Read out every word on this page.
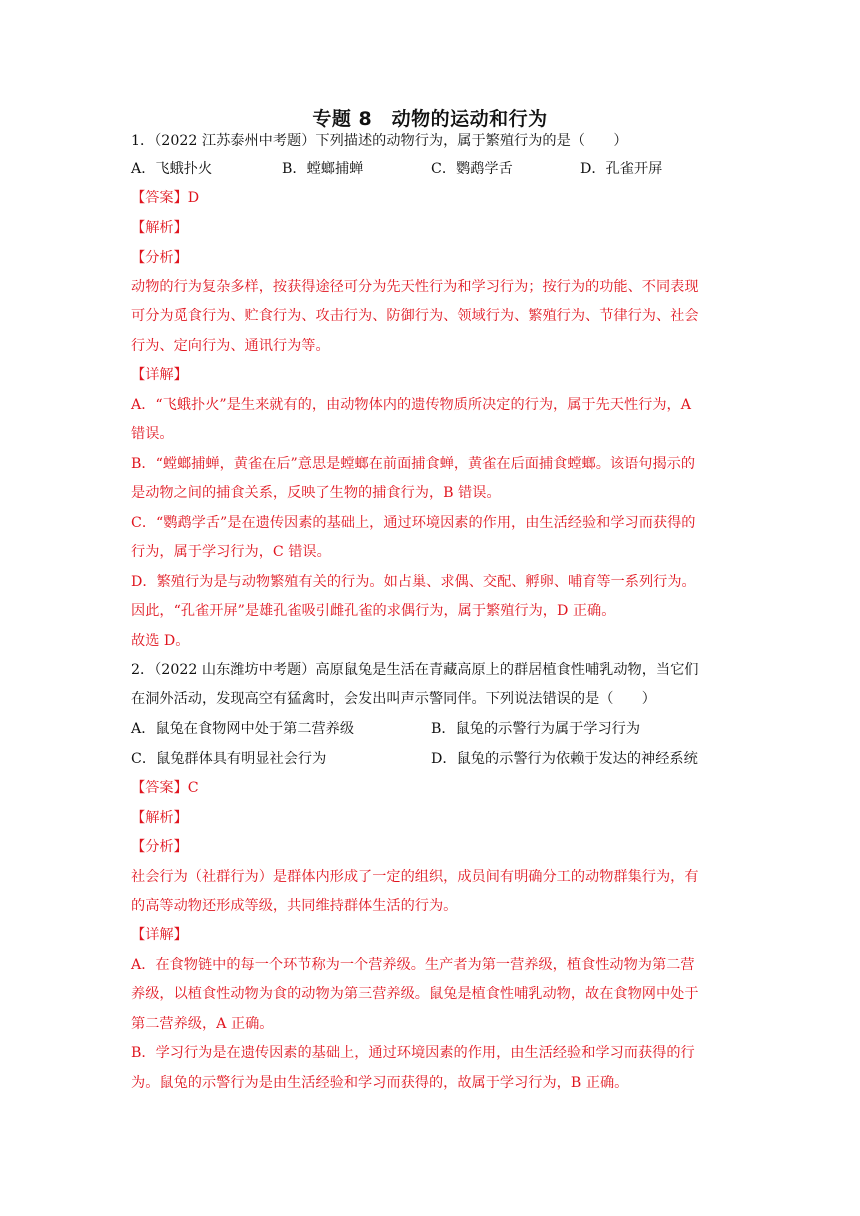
专题 8　动物的运动和行为
1．（2022 江苏泰州中考题）下列描述的动物行为，属于繁殖行为的是（　　）
A．飞蛾扑火	B．螳螂捕蝉	C．鹦鹉学舌	D．孔雀开屏
【答案】D
【解析】
【分析】
动物的行为复杂多样，按获得途径可分为先天性行为和学习行为；按行为的功能、不同表现
可分为觅食行为、贮食行为、攻击行为、防御行为、领域行为、繁殖行为、节律行为、社会
行为、定向行为、通讯行为等。
【详解】
A．“飞蛾扑火”是生来就有的，由动物体内的遗传物质所决定的行为，属于先天性行为，A
错误。
B．“螳螂捕蝉，黄雀在后”意思是螳螂在前面捕食蝉，黄雀在后面捕食螳螂。该语句揭示的
是动物之间的捕食关系，反映了生物的捕食行为，B 错误。
C．“鹦鹉学舌”是在遗传因素的基础上，通过环境因素的作用，由生活经验和学习而获得的
行为，属于学习行为，C 错误。
D．繁殖行为是与动物繁殖有关的行为。如占巢、求偶、交配、孵卵、哺育等一系列行为。
因此，“孔雀开屏”是雄孔雀吸引雌孔雀的求偶行为，属于繁殖行为，D 正确。
故选 D。
2．（2022 山东潍坊中考题）高原鼠兔是生活在青藏高原上的群居植食性哺乳动物，当它们
在洞外活动，发现高空有猛禽时，会发出叫声示警同伴。下列说法错误的是（　　）
A．鼠兔在食物网中处于第二营养级	B．鼠兔的示警行为属于学习行为
C．鼠兔群体具有明显社会行为	D．鼠兔的示警行为依赖于发达的神经系统
【答案】C
【解析】
【分析】
社会行为（社群行为）是群体内形成了一定的组织，成员间有明确分工的动物群集行为，有
的高等动物还形成等级，共同维持群体生活的行为。
【详解】
A．在食物链中的每一个环节称为一个营养级。生产者为第一营养级，植食性动物为第二营
养级，以植食性动物为食的动物为第三营养级。鼠兔是植食性哺乳动物，故在食物网中处于
第二营养级，A 正确。
B．学习行为是在遗传因素的基础上，通过环境因素的作用，由生活经验和学习而获得的行
为。鼠兔的示警行为是由生活经验和学习而获得的，故属于学习行为，B 正确。
